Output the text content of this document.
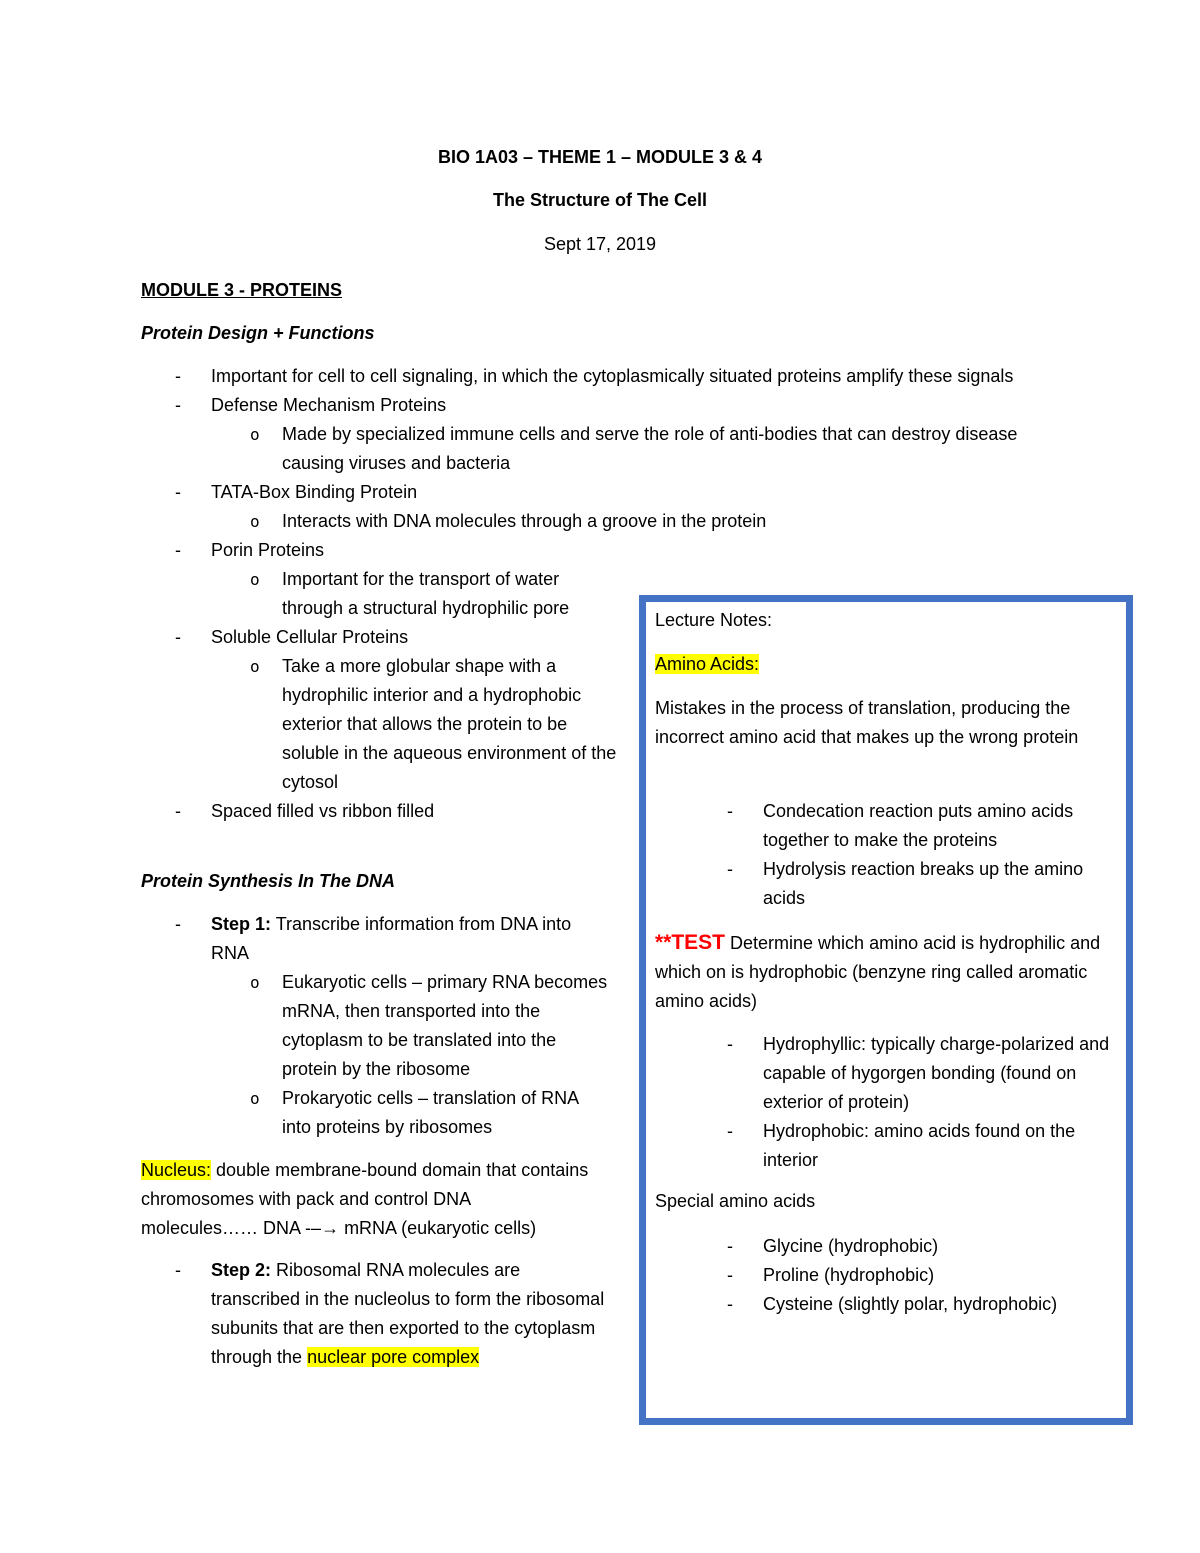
BIO 1A03 – THEME 1 – MODULE 3 & 4

The Structure of The Cell

Sept 17, 2019

MODULE 3 - PROTEINS

Protein Design + Functions

- Important for cell to cell signaling, in which the cytoplasmically situated proteins amplify these signals
- Defense Mechanism Proteins
o Made by specialized immune cells and serve the role of anti-bodies that can destroy disease causing viruses and bacteria
- TATA-Box Binding Protein
o Interacts with DNA molecules through a groove in the protein
- Porin Proteins
o Important for the transport of water through a structural hydrophilic pore
- Soluble Cellular Proteins
o Take a more globular shape with a hydrophilic interior and a hydrophobic exterior that allows the protein to be soluble in the aqueous environment of the cytosol
- Spaced filled vs ribbon filled

Protein Synthesis In The DNA

- Step 1: Transcribe information from DNA into RNA
o Eukaryotic cells – primary RNA becomes mRNA, then transported into the cytoplasm to be translated into the protein by the ribosome
o Prokaryotic cells – translation of RNA into proteins by ribosomes

Nucleus: double membrane-bound domain that contains chromosomes with pack and control DNA molecules…… DNA -–→ mRNA (eukaryotic cells)

- Step 2: Ribosomal RNA molecules are transcribed in the nucleolus to form the ribosomal subunits that are then exported to the cytoplasm through the nuclear pore complex

Lecture Notes:

Amino Acids:

Mistakes in the process of translation, producing the incorrect amino acid that makes up the wrong protein

- Condecation reaction puts amino acids together to make the proteins
- Hydrolysis reaction breaks up the amino acids

**TEST Determine which amino acid is hydrophilic and which on is hydrophobic (benzyne ring called aromatic amino acids)

- Hydrophyllic: typically charge-polarized and capable of hygorgen bonding (found on exterior of protein)
- Hydrophobic: amino acids found on the interior

Special amino acids

- Glycine (hydrophobic)
- Proline (hydrophobic)
- Cysteine (slightly polar, hydrophobic)
